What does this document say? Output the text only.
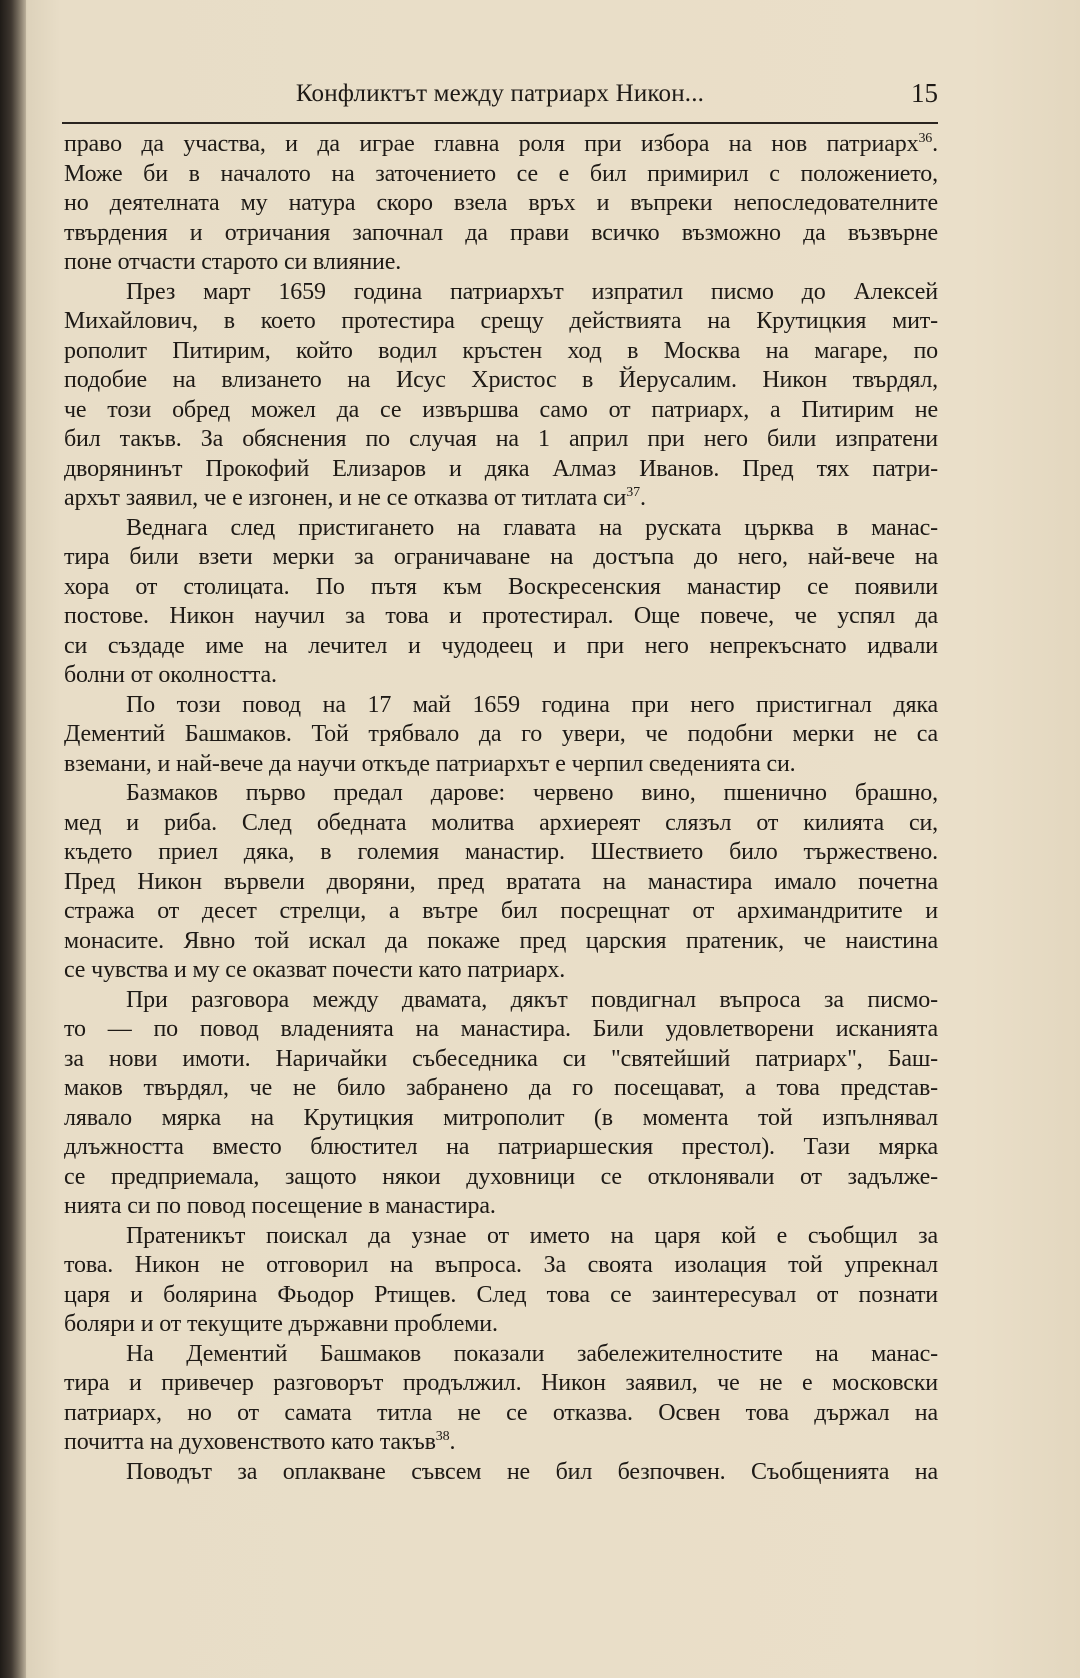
Конфликтът между патриарх Никон...	15
право да участва, и да играе главна роля при избора на нов патриарх$^{36}$.
Може би в началото на заточението се е бил примирил с положението,
но деятелната му натура скоро взела връх и въпреки непоследователните
твърдения и отричания започнал да прави всичко възможно да възвърне
поне отчасти старото си влияние.
През март 1659 година патриархът изпратил писмо до Алексей
Михайлович, в което протестира срещу действията на Крутицкия мит-
рополит Питирим, който водил кръстен ход в Москва на магаре, по
подобие на влизането на Исус Христос в Йерусалим. Никон твърдял,
че този обред можел да се извършва само от патриарх, а Питирим не
бил такъв. За обяснения по случая на 1 април при него били изпратени
дворянинът Прокофий Елизаров и дяка Алмаз Иванов. Пред тях патри-
архът заявил, че е изгонен, и не се отказва от титлата $си^{37}$.
Веднага след пристигането на главата на руската църква в манас-
тира били взети мерки за ограничаване на достъпа до него, най-вече на
хора от столицата. По пътя към Воскресенския манастир се появили
постове. Никон научил за това и протестирал. Още повече, че успял да
си създаде име на лечител и чудодеец и при него непрекъснато идвали
болни от околността.
По този повод на 17 май 1659 година при него пристигнал дяка
Дементий Башмаков. Той трябвало да го увери, че подобни мерки не са
вземани, и най-вече да научи откъде патриархът е черпил сведенията си.
Базмаков първо предал дарове: червено вино, пшенично брашно,
мед и риба. След обедната молитва архиереят слязъл от килията си,
където приел дяка, в големия манастир. Шествието било тържествено.
Пред Никон вървели дворяни, пред вратата на манастира имало почетна
стража от десет стрелци, а вътре бил посрещнат от архимандритите и
монасите. Явно той искал да покаже пред царския пратеник, че наистина
се чувства и му се оказват почести като патриарх.
При разговора между двамата, дякът повдигнал въпроса за писмо-
то — по повод владенията на манастира. Били удовлетворени исканията
за нови имоти. Наричайки събеседника си "святейший патриарх", Баш-
маков твърдял, че не било забранено да го посещават, а това представ-
лявало мярка на Крутицкия митрополит (в момента той изпълнявал
длъжността вместо блюстител на патриаршеския престол). Тази мярка
се предприемала, защото някои духовници се отклонявали от задълже-
нията си по повод посещение в манастира.
Пратеникът поискал да узнае от името на царя кой е съобщил за
това. Никон не отговорил на въпроса. За своята изолация той упрекнал
царя и болярина Фьодор Ртищев. След това се заинтересувал от познати
боляри и от текущите държавни проблеми.
На Дементий Башмаков показали забележителностите на манас-
тира и привечер разговорът продължил. Никон заявил, че не е московски
патриарх, но от самата титла не се отказва. Освен това държал на
почитта на духовенството като такъв$^{38}$.
Поводът за оплакване съвсем не бил безпочвен. Съобщенията на
